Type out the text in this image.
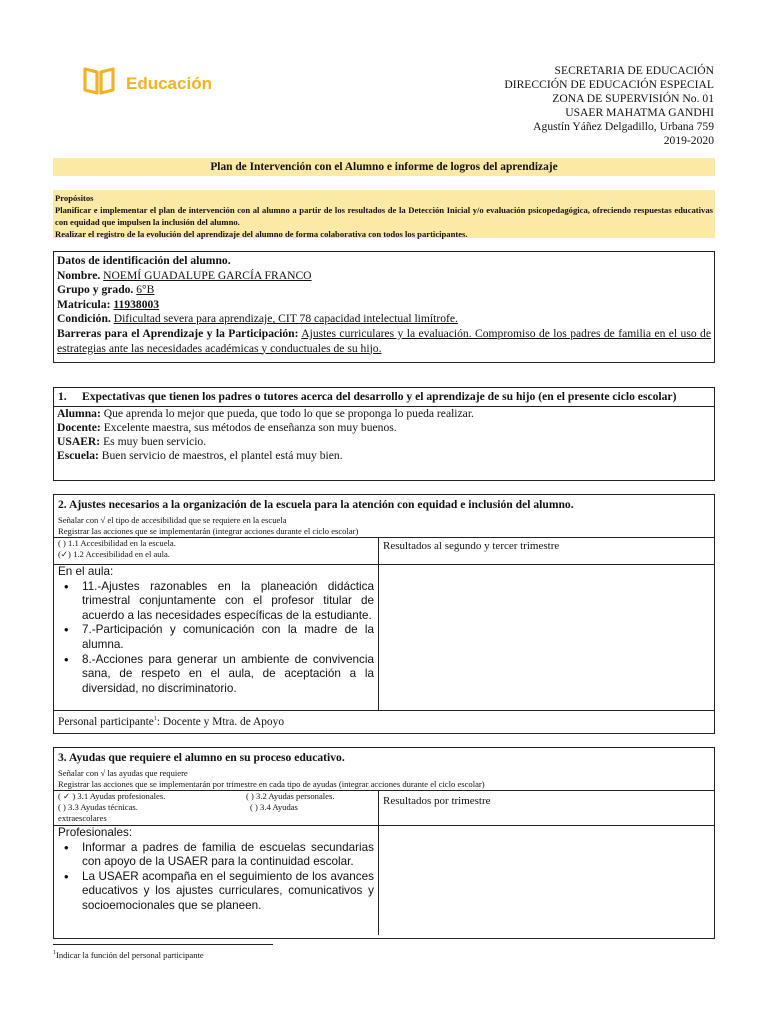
Educación
SECRETARIA DE EDUCACIÓN
DIRECCIÓN DE EDUCACIÓN ESPECIAL
ZONA DE SUPERVISIÓN No. 01
USAER MAHATMA GANDHI
Agustín Yáñez Delgadillo, Urbana 759
2019-2020
Plan de Intervención con el Alumno e informe de logros del aprendizaje
Propósitos
Planificar e implementar el plan de intervención con al alumno a partir de los resultados de la Detección Inicial y/o evaluación psicopedagógica, ofreciendo respuestas educativas con equidad que impulsen la inclusión del alumno.
Realizar el registro de la evolución del aprendizaje del alumno de forma colaborativa con todos los participantes.
Datos de identificación del alumno.
Nombre. NOEMÍ GUADALUPE GARCÍA FRANCO
Grupo y grado. 6°B
Matricula: 11938003
Condición. Dificultad severa para aprendizaje, CIT 78 capacidad intelectual limítrofe.
Barreras para el Aprendizaje y la Participación: Ajustes curriculares y la evaluación. Compromiso de los padres de familia en el uso de estrategias ante las necesidades académicas y conductuales de su hijo.
1.	Expectativas que tienen los padres o tutores acerca del desarrollo y el aprendizaje de su hijo (en el presente ciclo escolar)
Alumna: Que aprenda lo mejor que pueda, que todo lo que se proponga lo pueda realizar.
Docente: Excelente maestra, sus métodos de enseñanza son muy buenos.
USAER: Es muy buen servicio.
Escuela: Buen servicio de maestros, el plantel está muy bien.
2. Ajustes necesarios a la organización de la escuela para la atención con equidad e inclusión del alumno.
Señalar con √ el tipo de accesibilidad que se requiere en la escuela
Registrar las acciones que se implementarán (integrar acciones durante el ciclo escolar)
( ) 1.1 Accesibilidad en la escuela.
(✓) 1.2 Accesibilidad en el aula.
Resultados al segundo y tercer trimestre
En el aula:
• 11.-Ajustes razonables en la planeación didáctica trimestral conjuntamente con el profesor titular de acuerdo a las necesidades específicas de la estudiante.
• 7.-Participación y comunicación con la madre de la alumna.
• 8.-Acciones para generar un ambiente de convivencia sana, de respeto en el aula, de aceptación a la diversidad, no discriminatorio.
Personal participante$^1$: Docente y Mtra. de Apoyo
3. Ayudas que requiere el alumno en su proceso educativo.
Señalar con √ las ayudas que requiere
Registrar las acciones que se implementarán por trimestre en cada tipo de ayudas (integrar acciones durante el ciclo escolar)
( ✓ ) 3.1 Ayudas profesionales.	( ) 3.2 Ayudas personales.
( ) 3.3 Ayudas técnicas.	( ) 3.4 Ayudas
extraescolares
Resultados por trimestre
Profesionales:
• Informar a padres de familia de escuelas secundarias con apoyo de la USAER para la continuidad escolar.
• La USAER acompaña en el seguimiento de los avances educativos y los ajustes curriculares, comunicativos y socioemocionales que se planeen.
$^1$Indicar la función del personal participante
